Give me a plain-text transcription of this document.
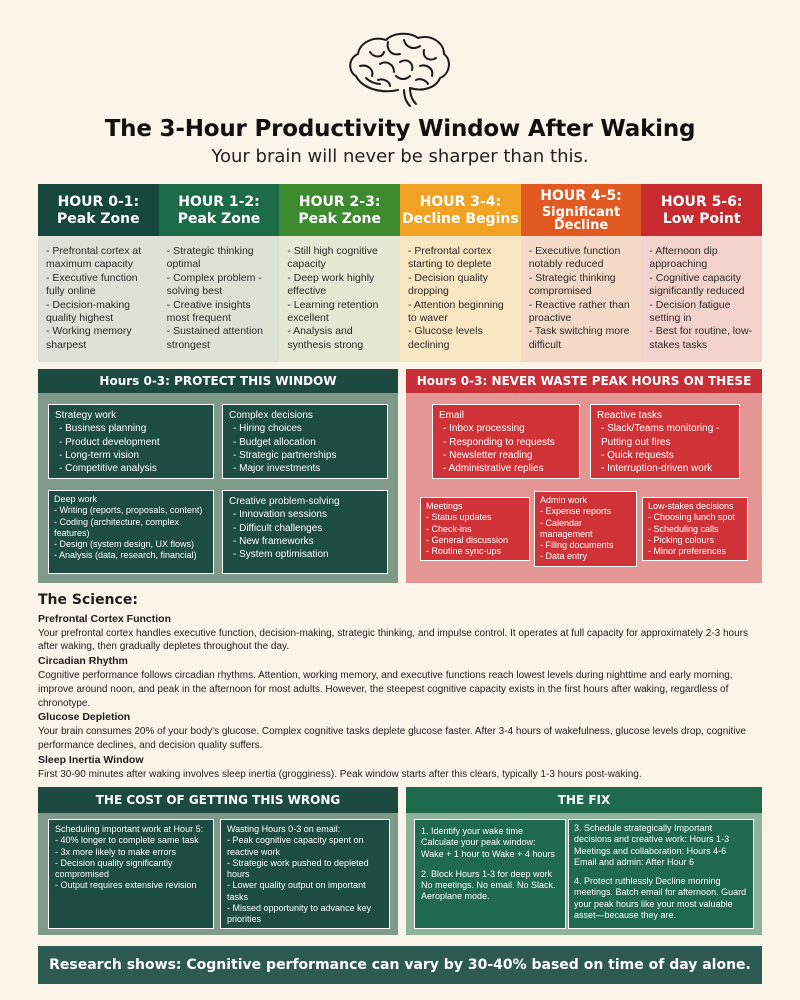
The 3-Hour Productivity Window After Waking
Your brain will never be sharper than this.
HOUR 0-1:
Peak Zone
- Prefrontal cortex at maximum capacity
- Executive function fully online
- Decision-making quality highest
- Working memory sharpest
HOUR 1-2:
Peak Zone
- Strategic thinking optimal
- Complex problem - solving best
- Creative insights most frequent
- Sustained attention strongest
HOUR 2-3:
Peak Zone
- Still high cognitive capacity
- Deep work highly effective
- Learning retention excellent
- Analysis and synthesis strong
HOUR 3-4:
Decline Begins
- Prefrontal cortex starting to deplete
- Decision quality dropping
- Attention beginning to waver
- Glucose levels declining
HOUR 4-5:
Significant Decline
- Executive function notably reduced
- Strategic thinking compromised
- Reactive rather than proactive
- Task switching more difficult
HOUR 5-6:
Low Point
- Afternoon dip approaching
- Cognitive capacity significantly reduced
- Decision fatigue setting in
- Best for routine, low-stakes tasks
Hours 0-3: PROTECT THIS WINDOW
Strategy work
- Business planning
- Product development
- Long-term vision
- Competitive analysis
Complex decisions
- Hiring choices
- Budget allocation
- Strategic partnerships
- Major investments
Deep work
- Writing (reports, proposals, content)
- Coding (architecture, complex features)
- Design (system design, UX flows)
- Analysis (data, research, financial)
Creative problem-solving
- Innovation sessions
- Difficult challenges
- New frameworks
- System optimisation
Hours 0-3: NEVER WASTE PEAK HOURS ON THESE
Email
- Inbox processing
- Responding to requests
- Newsletter reading
- Administrative replies
Reactive tasks
- Slack/Teams monitoring - Putting out fires
- Quick requests
- Interruption-driven work
Meetings
- Status updates
- Check-ins
- General discussion
- Routine sync-ups
Admin work
- Expense reports
- Calendar management
- Filing documents
- Data entry
Low-stakes decisions
- Choosing lunch spot
- Scheduling calls
- Picking colours
- Minor preferences
The Science:
Prefrontal Cortex Function

Your prefrontal cortex handles executive function, decision-making, strategic thinking, and impulse control. It operates at full capacity for approximately 2-3 hours after waking, then gradually depletes throughout the day.

Circadian Rhythm

Cognitive performance follows circadian rhythms. Attention, working memory, and executive functions reach lowest levels during nighttime and early morning, improve around noon, and peak in the afternoon for most adults. However, the steepest cognitive capacity exists in the first hours after waking, regardless of chronotype.

Glucose Depletion

Your brain consumes 20% of your body's glucose. Complex cognitive tasks deplete glucose faster. After 3-4 hours of wakefulness, glucose levels drop, cognitive performance declines, and decision quality suffers.

Sleep Inertia Window

First 30-90 minutes after waking involves sleep inertia (grogginess). Peak window starts after this clears, typically 1-3 hours post-waking.

THE COST OF GETTING THIS WRONG
Scheduling important work at Hour 5:
- 40% longer to complete same task
- 3x more likely to make errors
- Decision quality significantly compromised
- Output requires extensive revision
Wasting Hours 0-3 on email:
- Peak cognitive capacity spent on reactive work
- Strategic work pushed to depleted hours
- Lower quality output on important tasks
- Missed opportunity to advance key priorities
THE FIX
1. Identify your wake time Calculate your peak window: Wake + 1 hour to Wake + 4 hours
2. Block Hours 1-3 for deep work No meetings. No email. No Slack. Aeroplane mode.
3. Schedule strategically Important decisions and creative work: Hours 1-3 Meetings and collaboration: Hours 4-6 Email and admin: After Hour 6
4. Protect ruthlessly Decline morning meetings. Batch email for afternoon. Guard your peak hours like your most valuable asset—because they are.
Research shows: Cognitive performance can vary by 30-40% based on time of day alone.
